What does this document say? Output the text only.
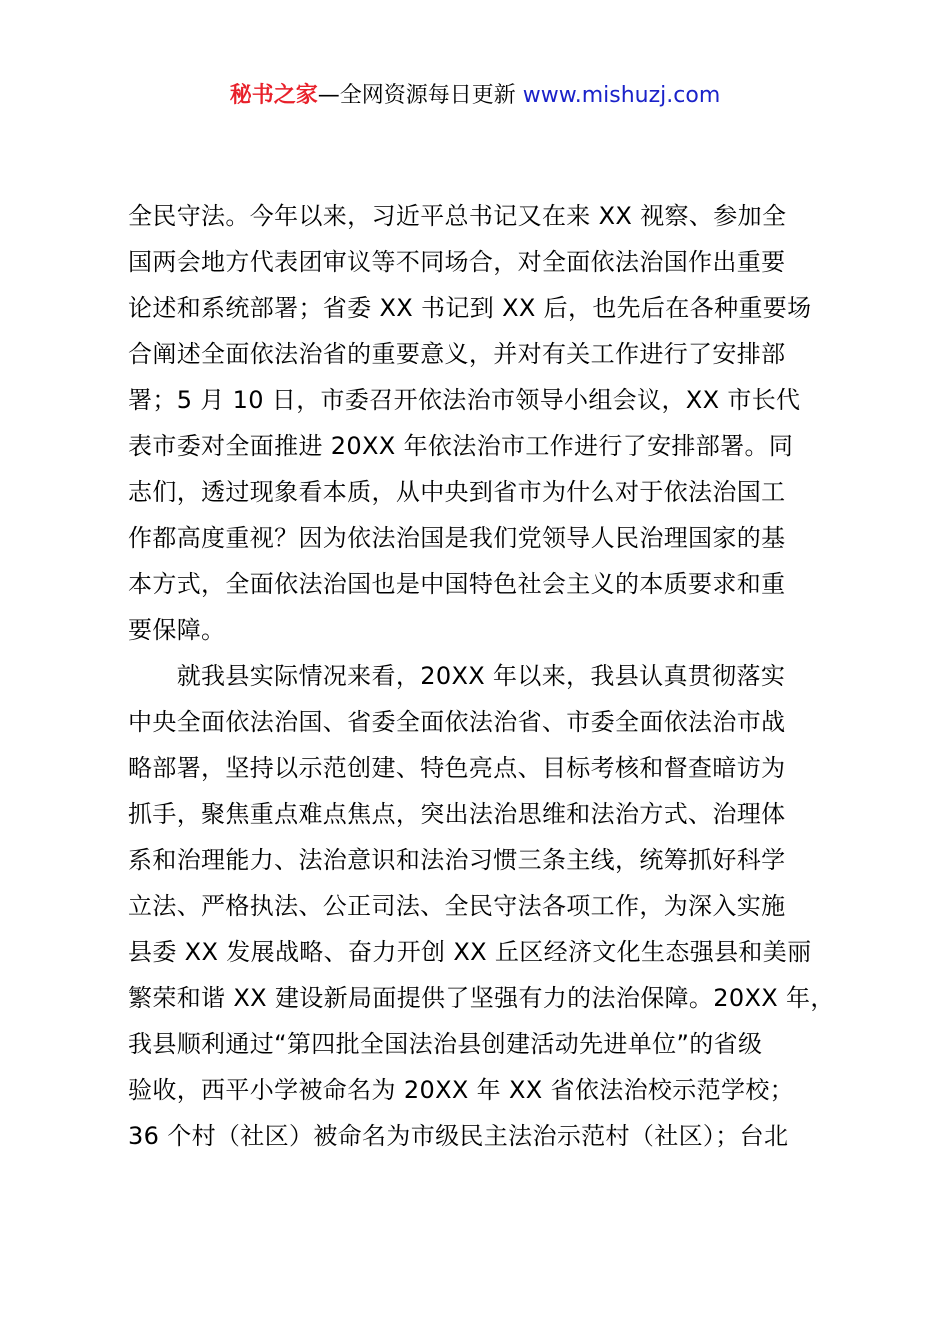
秘书之家—全网资源每日更新 www.mishuzj.com
全民守法。今年以来，习近平总书记又在来 XX 视察、参加全
国两会地方代表团审议等不同场合，对全面依法治国作出重要
论述和系统部署；省委 XX 书记到 XX 后，也先后在各种重要场
合阐述全面依法治省的重要意义，并对有关工作进行了安排部
署；5 月 10 日，市委召开依法治市领导小组会议，XX 市长代
表市委对全面推进 20XX 年依法治市工作进行了安排部署。同
志们，透过现象看本质，从中央到省市为什么对于依法治国工
作都高度重视？因为依法治国是我们党领导人民治理国家的基
本方式，全面依法治国也是中国特色社会主义的本质要求和重
要保障。
　　就我县实际情况来看，20XX 年以来，我县认真贯彻落实
中央全面依法治国、省委全面依法治省、市委全面依法治市战
略部署，坚持以示范创建、特色亮点、目标考核和督查暗访为
抓手，聚焦重点难点焦点，突出法治思维和法治方式、治理体
系和治理能力、法治意识和法治习惯三条主线，统筹抓好科学
立法、严格执法、公正司法、全民守法各项工作，为深入实施
县委 XX 发展战略、奋力开创 XX 丘区经济文化生态强县和美丽
繁荣和谐 XX 建设新局面提供了坚强有力的法治保障。20XX 年，
我县顺利通过“第四批全国法治县创建活动先进单位”的省级
验收，西平小学被命名为 20XX 年 XX 省依法治校示范学校；
36 个村（社区）被命名为市级民主法治示范村（社区）；台北
